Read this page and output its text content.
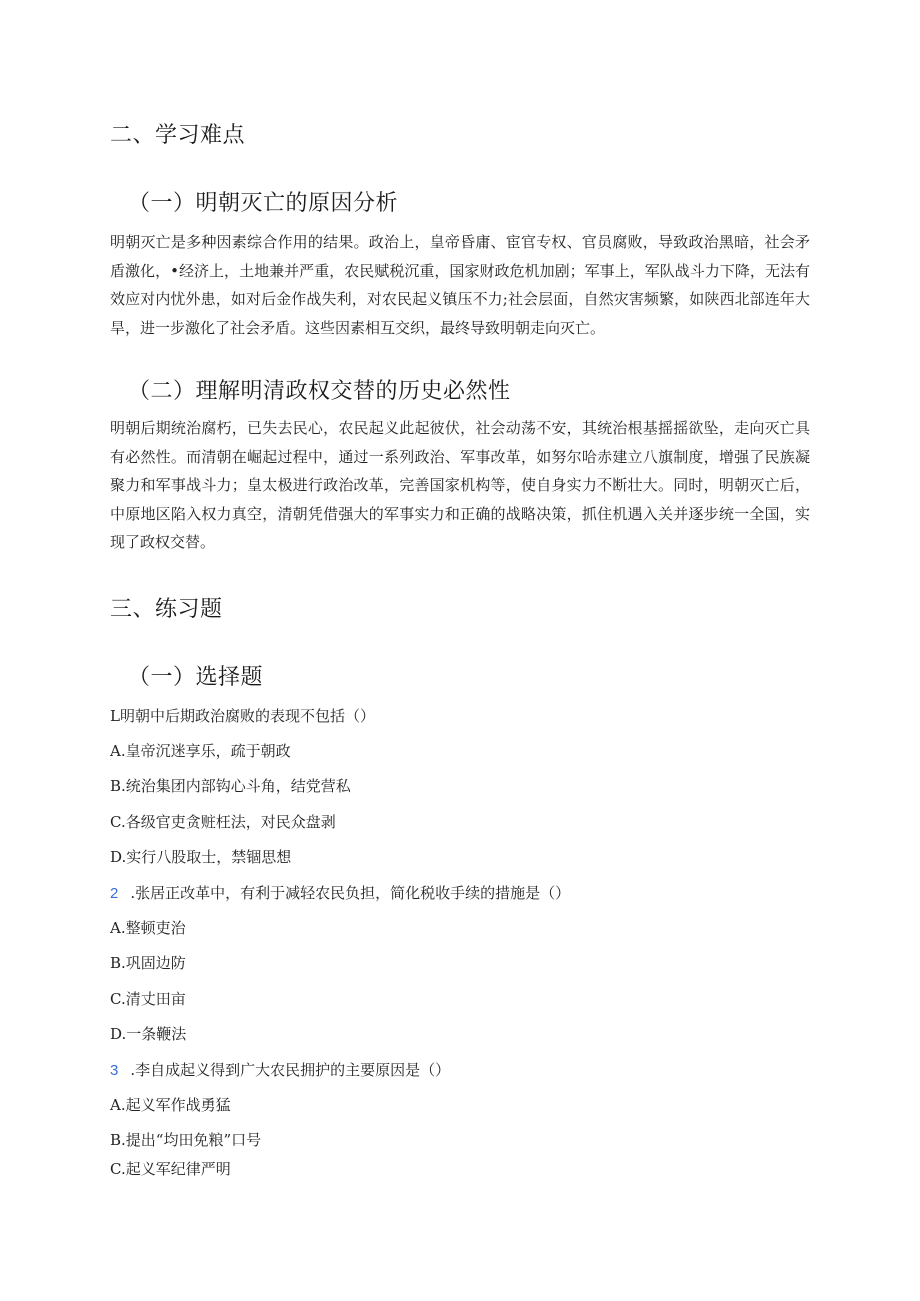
二、学习难点
（一）明朝灭亡的原因分析

明朝灭亡是多种因素综合作用的结果。政治上，皇帝昏庸、宦官专权、官员腐败，导致政治黑暗，社会矛盾激化，•经济上，土地兼并严重，农民赋税沉重，国家财政危机加剧；军事上，军队战斗力下降，无法有效应对内忧外患，如对后金作战失利，对农民起义镇压不力;社会层面，自然灾害频繁，如陕西北部连年大旱，进一步激化了社会矛盾。这些因素相互交织，最终导致明朝走向灭亡。

（二）理解明清政权交替的历史必然性

明朝后期统治腐朽，已失去民心，农民起义此起彼伏，社会动荡不安，其统治根基摇摇欲坠，走向灭亡具有必然性。而清朝在崛起过程中，通过一系列政治、军事改革，如努尔哈赤建立八旗制度，增强了民族凝聚力和军事战斗力；皇太极进行政治改革，完善国家机构等，使自身实力不断壮大。同时，明朝灭亡后，中原地区陷入权力真空，清朝凭借强大的军事实力和正确的战略决策，抓住机遇入关并逐步统一全国，实现了政权交替。

三、练习题
（一）选择题

L明朝中后期政治腐败的表现不包括（）

A.皇帝沉迷享乐，疏于朝政

B.统治集团内部钩心斗角，结党营私

C.各级官吏贪赃枉法，对民众盘剥

D.实行八股取士，禁锢思想

2 .张居正改革中，有利于减轻农民负担，简化税收手续的措施是（）

A.整顿吏治

B.巩固边防

C.清丈田亩

D.一条鞭法

3 .李自成起义得到广大农民拥护的主要原因是（）

A.起义军作战勇猛

B.提出“均田免粮”口号

C.起义军纪律严明
